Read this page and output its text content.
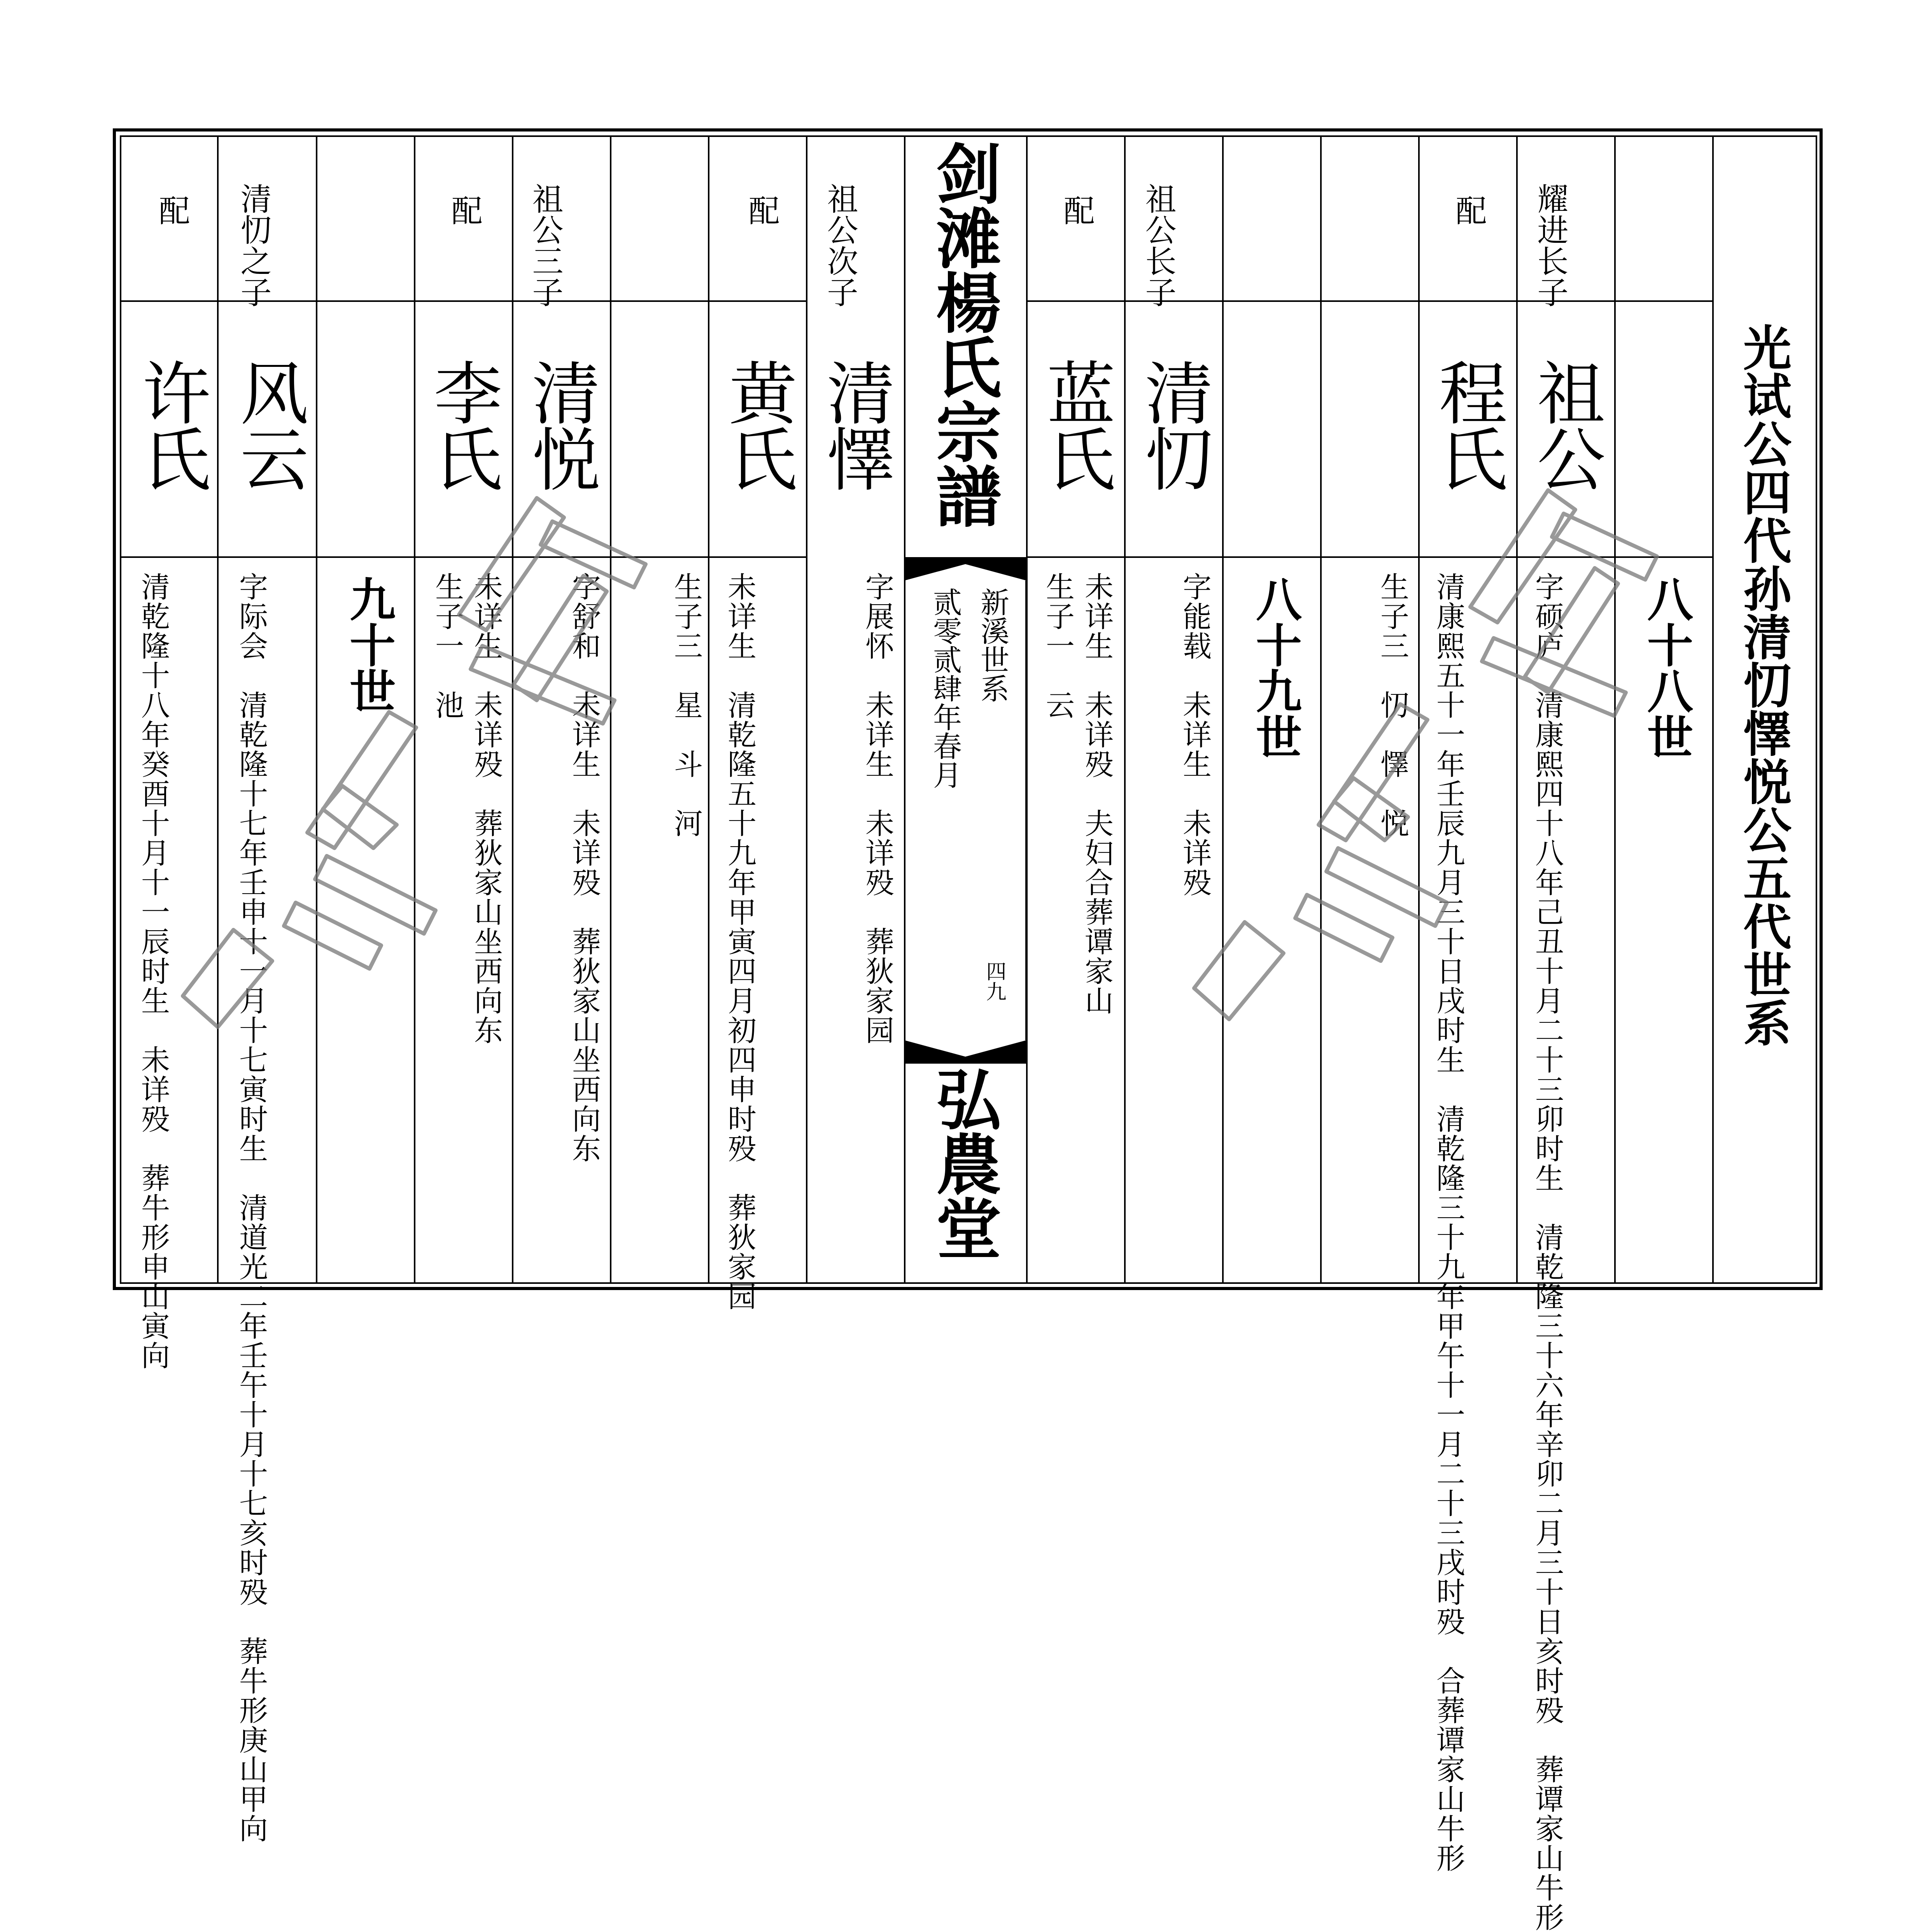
光试公四代孙清忉懌悦公五代世系
剑滩楊氏宗譜
新溪世系
贰零贰肆年春月
四九
弘農堂
八十八世
八十九世
九十世
耀进长子
祖公
字硕庐　清康熙四十八年己丑十月二十三卯时生　清乾隆三十六年辛卯二月三十日亥时殁　葬谭家山牛形
配
程氏
清康熙五十一年壬辰九月三十日戌时生　清乾隆三十九年甲午十一月二十三戌时殁　合葬谭家山牛形
生子三　忉　懌　悦
祖公长子
清忉
字能载　未详生　未详殁
配
蓝氏
未详生　未详殁　夫妇合葬谭家山
生子一　云
祖公次子
清懌
字展怀　未详生　未详殁　葬狄家园
配
黄氏
未详生　清乾隆五十九年甲寅四月初四申时殁　葬狄家园
生子三　星　斗　河
祖公三子
清悦
字舒和　未详生　未详殁　葬狄家山坐西向东
配
李氏
未详生　未详殁　葬狄家山坐西向东
生子一　池
清忉之子
风云
字际会　清乾隆十七年壬申十一月十七寅时生　清道光二年壬午十月十七亥时殁　葬牛形庚山甲向
配
许氏
清乾隆十八年癸酉十月十一辰时生　未详殁　葬牛形申山寅向
